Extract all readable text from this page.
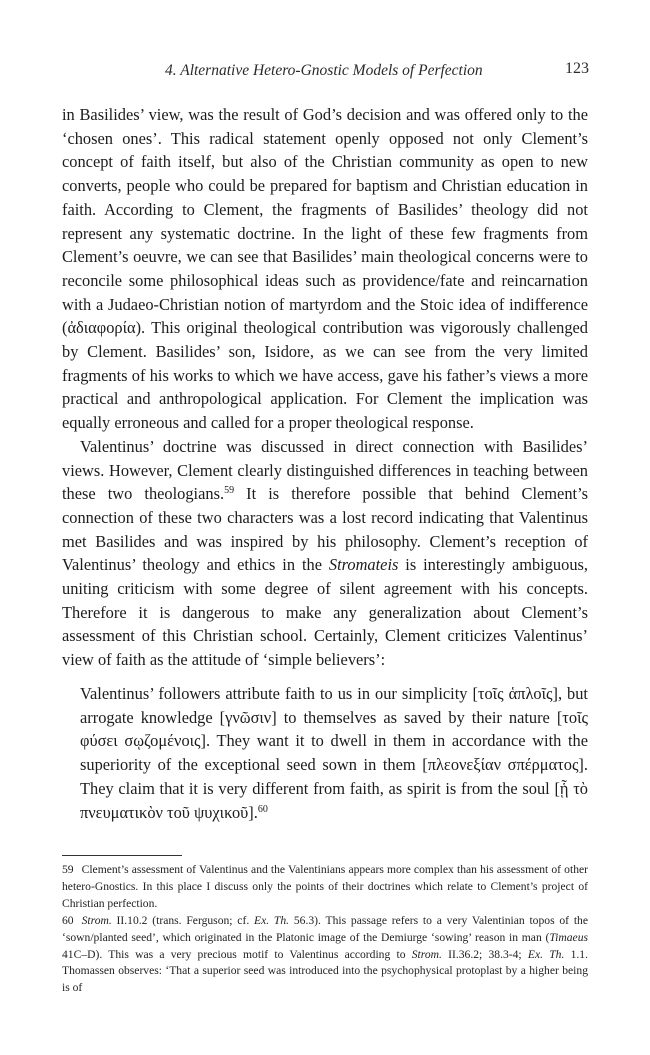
4. Alternative Hetero-Gnostic Models of Perfection	123

in Basilides’ view, was the result of God’s decision and was offered only to the ‘chosen ones’. This radical statement openly opposed not only Clement’s concept of faith itself, but also of the Christian community as open to new converts, people who could be prepared for baptism and Christian education in faith. According to Clement, the fragments of Basilides’ theology did not represent any systematic doctrine. In the light of these few fragments from Clement’s oeuvre, we can see that Basilides’ main theological concerns were to reconcile some philosophical ideas such as providence/fate and reincarnation with a Judaeo-Christian notion of martyrdom and the Stoic idea of indifference (ἀδιαφορία). This original theological contribution was vigorously challenged by Clement. Basilides’ son, Isidore, as we can see from the very limited fragments of his works to which we have access, gave his father’s views a more practical and anthropological application. For Clement the implication was equally erroneous and called for a proper theological response.

Valentinus’ doctrine was discussed in direct connection with Basilides’ views. However, Clement clearly distinguished differences in teaching between these two theologians.$^{59}$ It is therefore possible that behind Clement’s connection of these two characters was a lost record indicating that Valentinus met Basilides and was inspired by his philosophy. Clement’s reception of Valentinus’ theology and ethics in the Stromateis is interestingly ambiguous, uniting criticism with some degree of silent agreement with his concepts. Therefore it is dangerous to make any generalization about Clement’s assessment of this Christian school. Certainly, Clement criticizes Valentinus’ view of faith as the attitude of ‘simple believers’:

Valentinus’ followers attribute faith to us in our simplicity [τοῖς ἁπλοῖς], but arrogate knowledge [γνῶσιν] to themselves as saved by their nature [τοῖς φύσει σῳζομένοις]. They want it to dwell in them in accordance with the superiority of the exceptional seed sown in them [πλεονεξίαν σπέρματος]. They claim that it is very different from faith, as spirit is from the soul [ᾗ τὸ πνευματικὸν τοῦ ψυχικοῦ].$^{60}$

59 Clement’s assessment of Valentinus and the Valentinians appears more complex than his assessment of other hetero-Gnostics. In this place I discuss only the points of their doctrines which relate to Clement’s project of Christian perfection.

60 Strom. II.10.2 (trans. Ferguson; cf. Ex. Th. 56.3). This passage refers to a very Valentinian topos of the ‘sown/planted seed’, which originated in the Platonic image of the Demiurge ‘sowing’ reason in man (Timaeus 41C–D). This was a very precious motif to Valentinus according to Strom. II.36.2; 38.3-4; Ex. Th. 1.1. Thomassen observes: ‘That a superior seed was introduced into the psychophysical protoplast by a higher being is of
